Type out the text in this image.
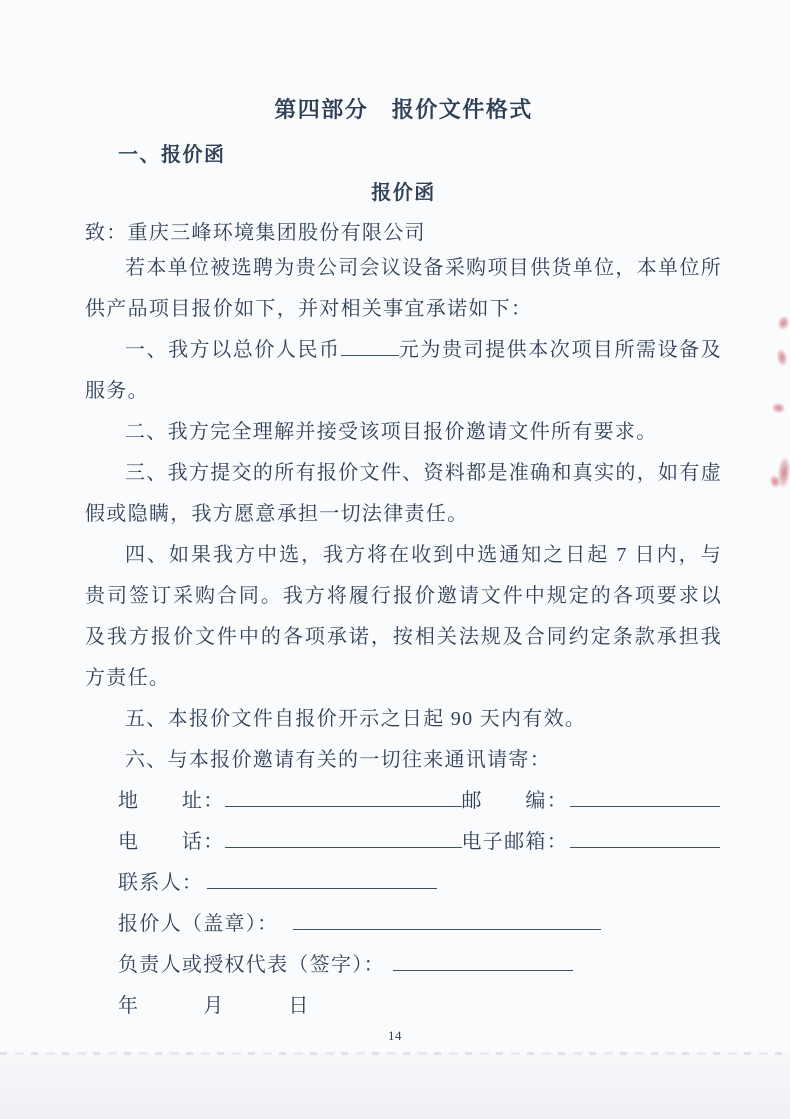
第四部分　报价文件格式
一、报价函
报价函
致：重庆三峰环境集团股份有限公司

若本单位被选聘为贵公司会议设备采购项目供货单位，本单位所供产品项目报价如下，并对相关事宜承诺如下：

一、我方以总价人民币	元为贵司提供本次项目所需设备及服务。

二、我方完全理解并接受该项目报价邀请文件所有要求。

三、我方提交的所有报价文件、资料都是准确和真实的，如有虚假或隐瞒，我方愿意承担一切法律责任。

四、如果我方中选，我方将在收到中选通知之日起 7 日内，与贵司签订采购合同。我方将履行报价邀请文件中规定的各项要求以及我方报价文件中的各项承诺，按相关法规及合同约定条款承担我方责任。

五、本报价文件自报价开示之日起 90 天内有效。

六、与本报价邀请有关的一切往来通讯请寄：

地　　址：	邮　　编：
电　　话：	电子邮箱：
联系人：
报价人（盖章）：
负责人或授权代表（签字）：
年　　　月　　　日
14
